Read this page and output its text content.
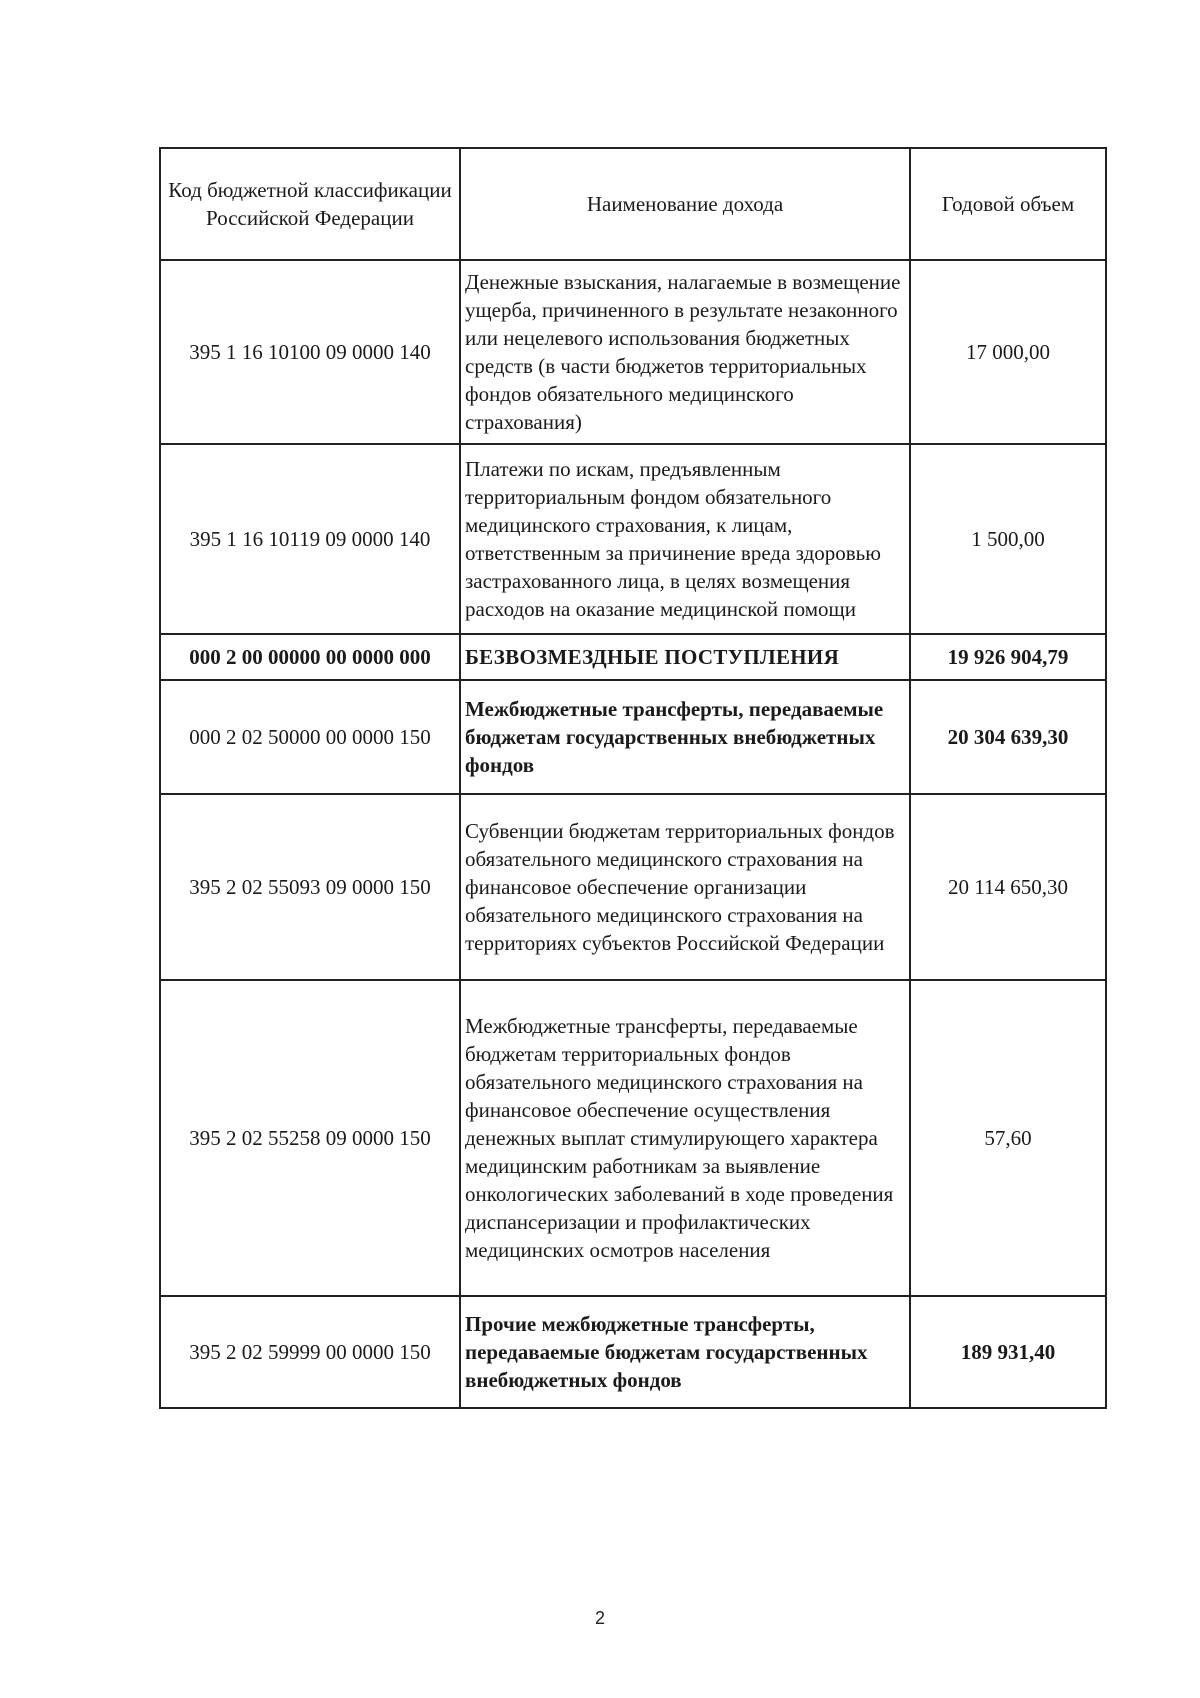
Код бюджетной классификации Российской Федерации	Наименование дохода	Годовой объем
395 1 16 10100 09 0000 140	Денежные взыскания, налагаемые в возмещение ущерба, причиненного в результате незаконного или нецелевого использования бюджетных средств (в части бюджетов территориальных фондов обязательного медицинского страхования)	17 000,00
395 1 16 10119 09 0000 140	Платежи по искам, предъявленным территориальным фондом обязательного медицинского страхования, к лицам, ответственным за причинение вреда здоровью застрахованного лица, в целях возмещения расходов на оказание медицинской помощи	1 500,00
000 2 00 00000 00 0000 000	БЕЗВОЗМЕЗДНЫЕ ПОСТУПЛЕНИЯ	19 926 904,79
000 2 02 50000 00 0000 150	Межбюджетные трансферты, передаваемые бюджетам государственных внебюджетных фондов	20 304 639,30
395 2 02 55093 09 0000 150	Субвенции бюджетам территориальных фондов обязательного медицинского страхования на финансовое обеспечение организации обязательного медицинского страхования на территориях субъектов Российской Федерации	20 114 650,30
395 2 02 55258 09 0000 150	Межбюджетные трансферты, передаваемые бюджетам территориальных фондов обязательного медицинского страхования на финансовое обеспечение осуществления денежных выплат стимулирующего характера медицинским работникам за выявление онкологических заболеваний в ходе проведения диспансеризации и профилактических медицинских осмотров населения	57,60
395 2 02 59999 00 0000 150	Прочие межбюджетные трансферты, передаваемые бюджетам государственных внебюджетных фондов	189 931,40
2
